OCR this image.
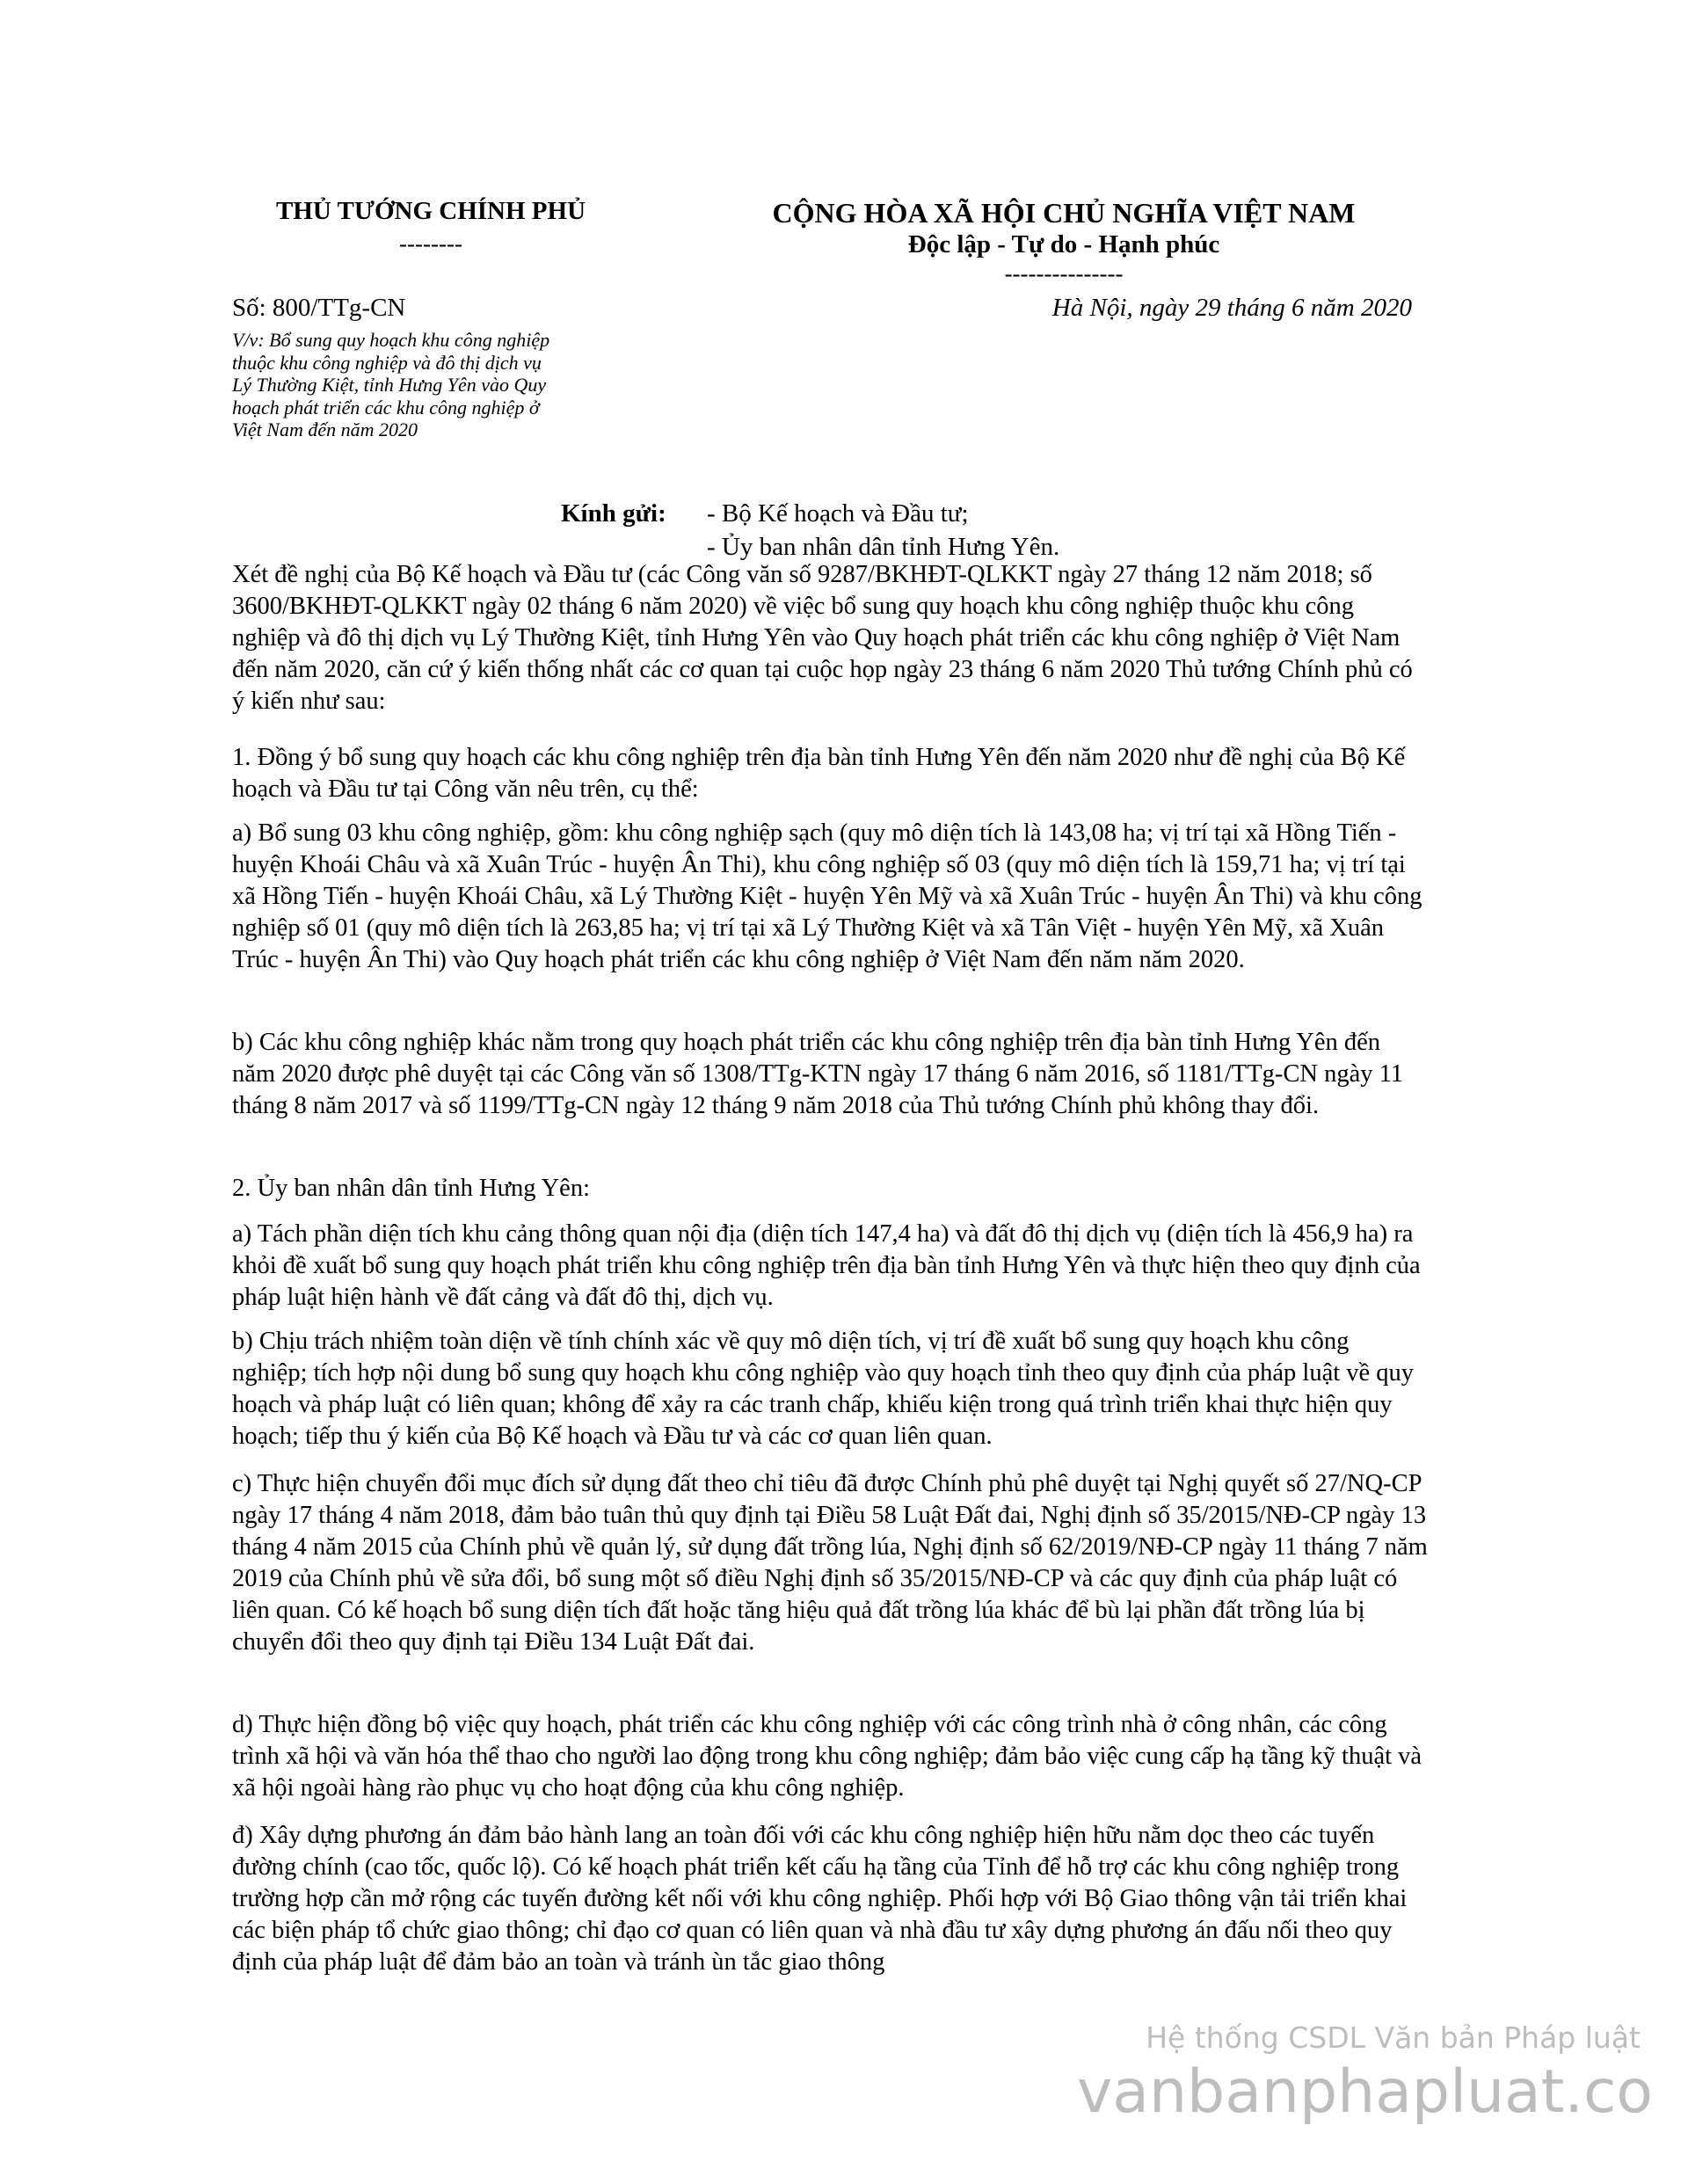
THỦ TƯỚNG CHÍNH PHỦ
--------
CỘNG HÒA XÃ HỘI CHỦ NGHĨA VIỆT NAM
Độc lập - Tự do - Hạnh phúc
---------------
Số: 800/TTg-CN	Hà Nội, ngày 29 tháng 6 năm 2020
V/v: Bổ sung quy hoạch khu công nghiệp
thuộc khu công nghiệp và đô thị dịch vụ
Lý Thường Kiệt, tỉnh Hưng Yên vào Quy
hoạch phát triển các khu công nghiệp ở
Việt Nam đến năm 2020
Kính gửi: - Bộ Kế hoạch và Đầu tư;
- Ủy ban nhân dân tỉnh Hưng Yên.

Xét đề nghị của Bộ Kế hoạch và Đầu tư (các Công văn số 9287/BKHĐT-QLKKT ngày 27 tháng 12 năm 2018; số 3600/BKHĐT-QLKKT ngày 02 tháng 6 năm 2020) về việc bổ sung quy hoạch khu công nghiệp thuộc khu công nghiệp và đô thị dịch vụ Lý Thường Kiệt, tỉnh Hưng Yên vào Quy hoạch phát triển các khu công nghiệp ở Việt Nam đến năm 2020, căn cứ ý kiến thống nhất các cơ quan tại cuộc họp ngày 23 tháng 6 năm 2020 Thủ tướng Chính phủ có ý kiến như sau:

1. Đồng ý bổ sung quy hoạch các khu công nghiệp trên địa bàn tỉnh Hưng Yên đến năm 2020 như đề nghị của Bộ Kế hoạch và Đầu tư tại Công văn nêu trên, cụ thể:

a) Bổ sung 03 khu công nghiệp, gồm: khu công nghiệp sạch (quy mô diện tích là 143,08 ha; vị trí tại xã Hồng Tiến - huyện Khoái Châu và xã Xuân Trúc - huyện Ân Thi), khu công nghiệp số 03 (quy mô diện tích là 159,71 ha; vị trí tại xã Hồng Tiến - huyện Khoái Châu, xã Lý Thường Kiệt - huyện Yên Mỹ và xã Xuân Trúc - huyện Ân Thi) và khu công nghiệp số 01 (quy mô diện tích là 263,85 ha; vị trí tại xã Lý Thường Kiệt và xã Tân Việt - huyện Yên Mỹ, xã Xuân Trúc - huyện Ân Thi) vào Quy hoạch phát triển các khu công nghiệp ở Việt Nam đến năm năm 2020.

b) Các khu công nghiệp khác nằm trong quy hoạch phát triển các khu công nghiệp trên địa bàn tỉnh Hưng Yên đến năm 2020 được phê duyệt tại các Công văn số 1308/TTg-KTN ngày 17 tháng 6 năm 2016, số 1181/TTg-CN ngày 11 tháng 8 năm 2017 và số 1199/TTg-CN ngày 12 tháng 9 năm 2018 của Thủ tướng Chính phủ không thay đổi.

2. Ủy ban nhân dân tỉnh Hưng Yên:

a) Tách phần diện tích khu cảng thông quan nội địa (diện tích 147,4 ha) và đất đô thị dịch vụ (diện tích là 456,9 ha) ra khỏi đề xuất bổ sung quy hoạch phát triển khu công nghiệp trên địa bàn tỉnh Hưng Yên và thực hiện theo quy định của pháp luật hiện hành về đất cảng và đất đô thị, dịch vụ.

b) Chịu trách nhiệm toàn diện về tính chính xác về quy mô diện tích, vị trí đề xuất bổ sung quy hoạch khu công nghiệp; tích hợp nội dung bổ sung quy hoạch khu công nghiệp vào quy hoạch tỉnh theo quy định của pháp luật về quy hoạch và pháp luật có liên quan; không để xảy ra các tranh chấp, khiếu kiện trong quá trình triển khai thực hiện quy hoạch; tiếp thu ý kiến của Bộ Kế hoạch và Đầu tư và các cơ quan liên quan.

c) Thực hiện chuyển đổi mục đích sử dụng đất theo chỉ tiêu đã được Chính phủ phê duyệt tại Nghị quyết số 27/NQ-CP ngày 17 tháng 4 năm 2018, đảm bảo tuân thủ quy định tại Điều 58 Luật Đất đai, Nghị định số 35/2015/NĐ-CP ngày 13 tháng 4 năm 2015 của Chính phủ về quản lý, sử dụng đất trồng lúa, Nghị định số 62/2019/NĐ-CP ngày 11 tháng 7 năm 2019 của Chính phủ về sửa đổi, bổ sung một số điều Nghị định số 35/2015/NĐ-CP và các quy định của pháp luật có liên quan. Có kế hoạch bổ sung diện tích đất hoặc tăng hiệu quả đất trồng lúa khác để bù lại phần đất trồng lúa bị chuyển đổi theo quy định tại Điều 134 Luật Đất đai.

d) Thực hiện đồng bộ việc quy hoạch, phát triển các khu công nghiệp với các công trình nhà ở công nhân, các công trình xã hội và văn hóa thể thao cho người lao động trong khu công nghiệp; đảm bảo việc cung cấp hạ tầng kỹ thuật và xã hội ngoài hàng rào phục vụ cho hoạt động của khu công nghiệp.

đ) Xây dựng phương án đảm bảo hành lang an toàn đối với các khu công nghiệp hiện hữu nằm dọc theo các tuyến đường chính (cao tốc, quốc lộ). Có kế hoạch phát triển kết cấu hạ tầng của Tỉnh để hỗ trợ các khu công nghiệp trong trường hợp cần mở rộng các tuyến đường kết nối với khu công nghiệp. Phối hợp với Bộ Giao thông vận tải triển khai các biện pháp tổ chức giao thông; chỉ đạo cơ quan có liên quan và nhà đầu tư xây dựng phương án đấu nối theo quy định của pháp luật để đảm bảo an toàn và tránh ùn tắc giao thông

Hệ thống CSDL Văn bản Pháp luật
vanbanphapluat.co
